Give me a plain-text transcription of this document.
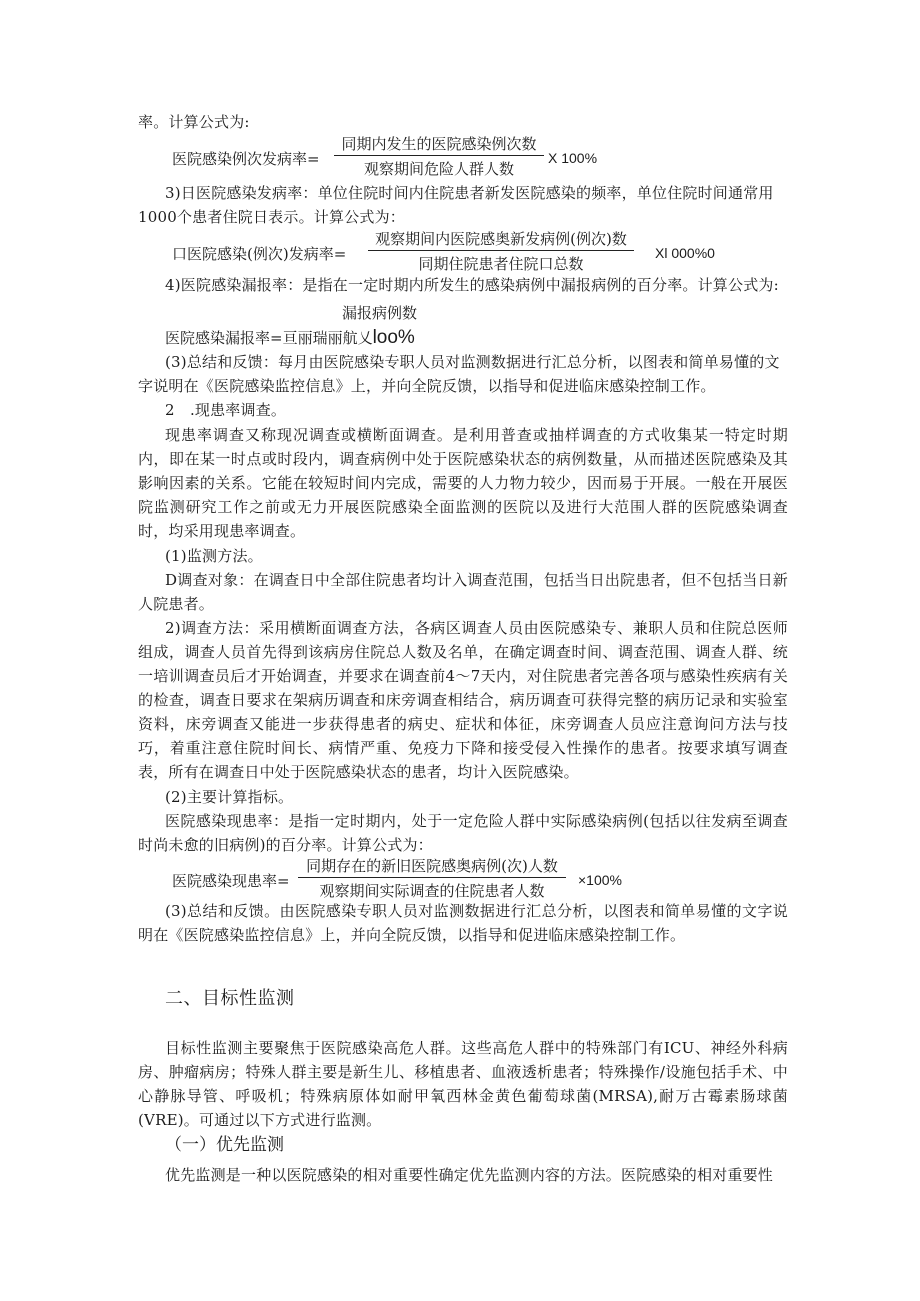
率。计算公式为:
医院感染例次发病率=
同期内发生的医院感染例次数
观察期间危险人群人数
X 100%
3)日医院感染发病率：单位住院时间内住院患者新发医院感染的频率，单位住院时间通常用
1000个患者住院日表示。计算公式为：
口医院感染(例次)发病率=
观察期间内医院感奥新发病例(例次)数
同期住院患者住院口总数
Xl 000%0
4)医院感染漏报率：是指在一定时期内所发生的感染病例中漏报病例的百分率。计算公式为:
漏报病例数
医院感染漏报率=亘丽瑞丽航乂loo%
(3)总结和反馈：每月由医院感染专职人员对监测数据进行汇总分析，以图表和简单易懂的文
字说明在《医院感染监控信息》上，并向全院反馈，以指导和促进临床感染控制工作。
2　.现患率调查。
现患率调查又称现况调查或横断面调查。是利用普查或抽样调查的方式收集某一特定时期内，即在某一时点或时段内，调查病例中处于医院感染状态的病例数量，从而描述医院感染及其影响因素的关系。它能在较短时间内完成，需要的人力物力较少，因而易于开展。一般在开展医院监测研究工作之前或无力开展医院感染全面监测的医院以及进行大范围人群的医院感染调查时，均采用现患率调查。
(1)监测方法。
D调查对象：在调查日中全部住院患者均计入调查范围，包括当日出院患者，但不包括当日新人院患者。
2)调查方法：采用横断面调查方法，各病区调查人员由医院感染专、兼职人员和住院总医师组成，调查人员首先得到该病房住院总人数及名单，在确定调查时间、调查范围、调查人群、统一培训调查员后才开始调查，并要求在调查前4～7天内，对住院患者完善各项与感染性疾病有关的检查，调查日要求在架病历调查和床旁调查相结合，病历调查可获得完整的病历记录和实验室资料，床旁调查又能进一步获得患者的病史、症状和体征，床旁调查人员应注意询问方法与技巧，着重注意住院时间长、病情严重、免疫力下降和接受侵入性操作的患者。按要求填写调查表，所有在调查日中处于医院感染状态的患者，均计入医院感染。
(2)主要计算指标。
医院感染现患率：是指一定时期内，处于一定危险人群中实际感染病例(包括以往发病至调查时尚未愈的旧病例)的百分率。计算公式为：
医院感染现患率=
同期存在的新旧医院感奥病例(次)人数
观察期间实际调查的住院患者人数
×100%
(3)总结和反馈。由医院感染专职人员对监测数据进行汇总分析，以图表和简单易懂的文字说明在《医院感染监控信息》上，并向全院反馈，以指导和促进临床感染控制工作。
二、目标性监测
目标性监测主要聚焦于医院感染高危人群。这些高危人群中的特殊部门有ICU、神经外科病房、肿瘤病房；特殊人群主要是新生儿、移植患者、血液透析患者；特殊操作/设施包括手术、中心静脉导管、呼吸机；特殊病原体如耐甲氧西林金黄色葡萄球菌(MRSA),耐万古霉素肠球菌(VRE)。可通过以下方式进行监测。
（一）优先监测
优先监测是一种以医院感染的相对重要性确定优先监测内容的方法。医院感染的相对重要性
